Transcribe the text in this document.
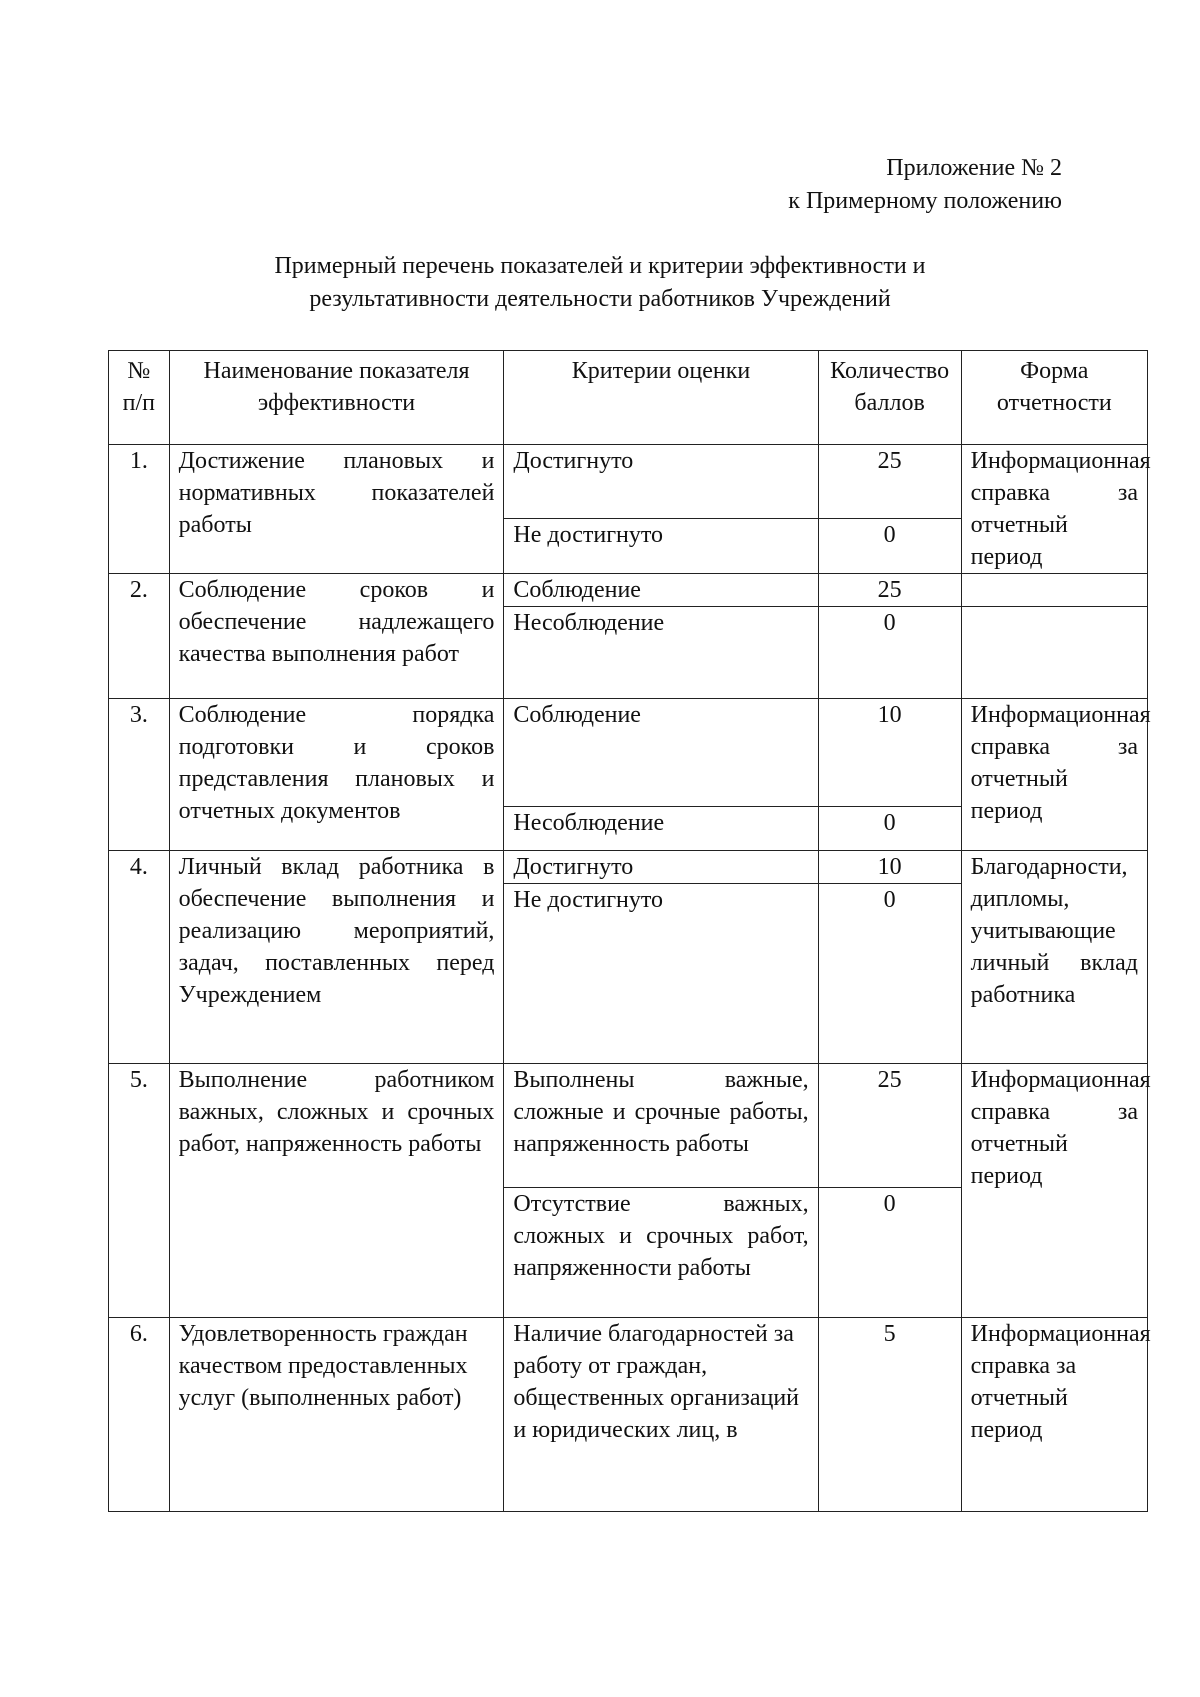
Приложение № 2
к Примерному положению
Примерный перечень показателей и критерии эффективности и
результативности деятельности работников Учреждений
№ п/п	Наименование показателя эффективности	Критерии оценки	Количество баллов	Форма отчетности
1.	Достижение плановых и нормативных показателей работы	Достигнуто	25	Информационная справка за отчетный период
		Не достигнуто	0	
2.	Соблюдение сроков и обеспечение надлежащего качества выполнения работ	Соблюдение	25	
		Несоблюдение	0	
3.	Соблюдение порядка подготовки и сроков представления плановых и отчетных документов	Соблюдение	10	Информационная справка за отчетный период
		Несоблюдение	0	
4.	Личный вклад работника в обеспечение выполнения и реализацию мероприятий, задач, поставленных перед Учреждением	Достигнуто	10	Благодарности, дипломы, учитывающие личный вклад работника
		Не достигнуто	0	
5.	Выполнение работником важных, сложных и срочных работ, напряженность работы	Выполнены важные, сложные и срочные работы, напряженность работы	25	Информационная справка за отчетный период
		Отсутствие важных, сложных и срочных работ, напряженности работы	0	
6.	Удовлетворенность граждан качеством предоставленных услуг (выполненных работ)	Наличие благодарностей за работу от граждан, общественных организаций и юридических лиц, в	5	Информационная справка за отчетный период
